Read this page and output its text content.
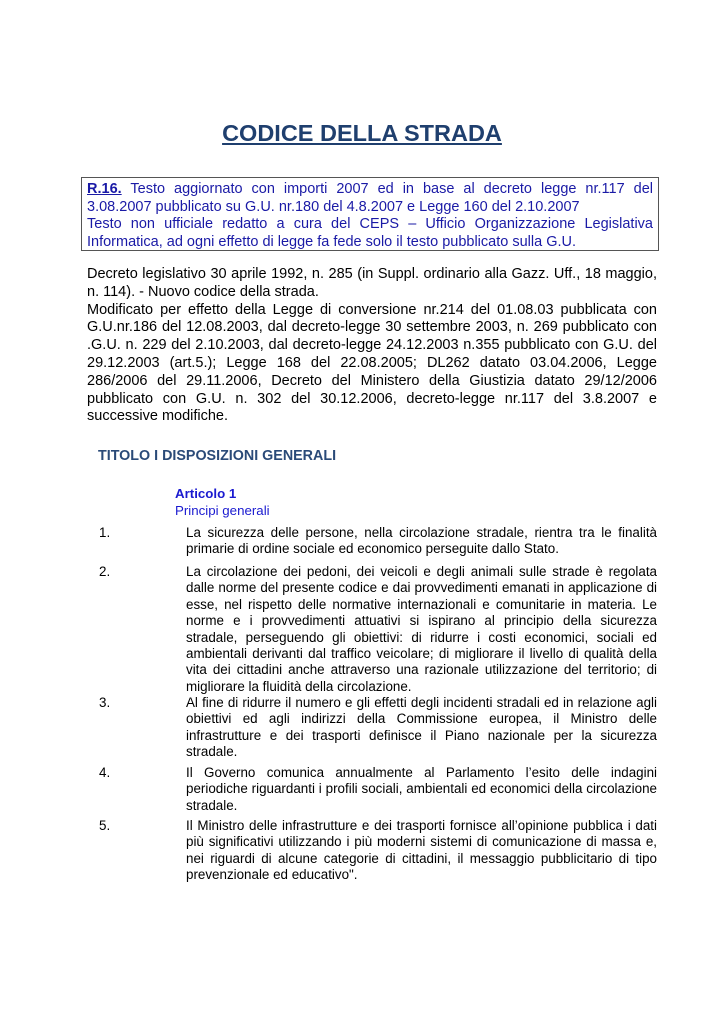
CODICE DELLA STRADA
R.16. Testo aggiornato con importi 2007 ed in base al decreto legge nr.117 del 3.08.2007 pubblicato su G.U. nr.180 del 4.8.2007 e Legge 160 del 2.10.2007
Testo non ufficiale redatto a cura del CEPS – Ufficio Organizzazione Legislativa Informatica, ad ogni effetto di legge fa fede solo il testo pubblicato sulla G.U.
Decreto legislativo 30 aprile 1992, n. 285 (in Suppl. ordinario alla Gazz. Uff., 18 maggio, n. 114). - Nuovo codice della strada.
Modificato per effetto della Legge di conversione nr.214 del 01.08.03 pubblicata con G.U.nr.186 del 12.08.2003, dal decreto-legge 30 settembre 2003, n. 269 pubblicato con .G.U. n. 229 del 2.10.2003, dal decreto-legge 24.12.2003 n.355 pubblicato con G.U. del 29.12.2003 (art.5.); Legge 168 del 22.08.2005; DL262 datato 03.04.2006, Legge 286/2006 del 29.11.2006, Decreto del Ministero della Giustizia datato 29/12/2006 pubblicato con G.U. n. 302 del 30.12.2006, decreto-legge nr.117 del 3.8.2007 e successive modifiche.
TITOLO I DISPOSIZIONI GENERALI
Articolo 1
Principi generali
1.	La sicurezza delle persone, nella circolazione stradale, rientra tra le finalità primarie di ordine sociale ed economico perseguite dallo Stato.
2.	La circolazione dei pedoni, dei veicoli e degli animali sulle strade è regolata dalle norme del presente codice e dai provvedimenti emanati in applicazione di esse, nel rispetto delle normative internazionali e comunitarie in materia. Le norme e i provvedimenti attuativi si ispirano al principio della sicurezza stradale, perseguendo gli obiettivi: di ridurre i costi economici, sociali ed ambientali derivanti dal traffico veicolare; di migliorare il livello di qualità della vita dei cittadini anche attraverso una razionale utilizzazione del territorio; di migliorare la fluidità della circolazione.
3.	Al fine di ridurre il numero e gli effetti degli incidenti stradali ed in relazione agli obiettivi ed agli indirizzi della Commissione europea, il Ministro delle infrastrutture e dei trasporti definisce il Piano nazionale per la sicurezza stradale.
4.	Il Governo comunica annualmente al Parlamento l’esito delle indagini periodiche riguardanti i profili sociali, ambientali ed economici della circolazione stradale.
5.	Il Ministro delle infrastrutture e dei trasporti fornisce all’opinione pubblica i dati più significativi utilizzando i più moderni sistemi di comunicazione di massa e, nei riguardi di alcune categorie di cittadini, il messaggio pubblicitario di tipo prevenzionale ed educativo".
